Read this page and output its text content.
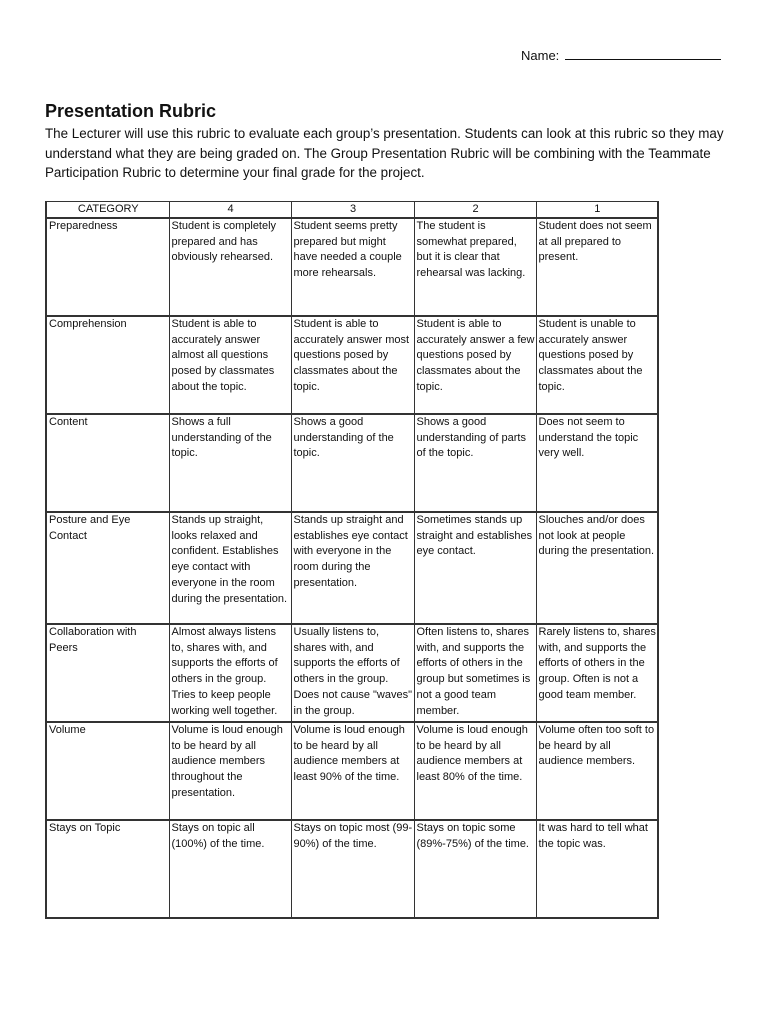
Name:
Presentation Rubric

The Lecturer will use this rubric to evaluate each group’s presentation. Students can look at this rubric so they may understand what they are being graded on. The Group Presentation Rubric will be combining with the Teammate Participation Rubric to determine your final grade for the project.

CATEGORY	4	3	2	1
Preparedness	Student is completely prepared and has obviously rehearsed.	Student seems pretty prepared but might have needed a couple more rehearsals.	The student is somewhat prepared, but it is clear that rehearsal was lacking.	Student does not seem at all prepared to present.
Comprehension	Student is able to accurately answer almost all questions posed by classmates about the topic.	Student is able to accurately answer most questions posed by classmates about the topic.	Student is able to accurately answer a few questions posed by classmates about the topic.	Student is unable to accurately answer questions posed by classmates about the topic.
Content	Shows a full understanding of the topic.	Shows a good understanding of the topic.	Shows a good understanding of parts of the topic.	Does not seem to understand the topic very well.
Posture and Eye Contact	Stands up straight, looks relaxed and confident. Establishes eye contact with everyone in the room during the presentation.	Stands up straight and establishes eye contact with everyone in the room during the presentation.	Sometimes stands up straight and establishes eye contact.	Slouches and/or does not look at people during the presentation.
Collaboration with Peers	Almost always listens to, shares with, and supports the efforts of others in the group. Tries to keep people working well together.	Usually listens to, shares with, and supports the efforts of others in the group. Does not cause "waves" in the group.	Often listens to, shares with, and supports the efforts of others in the group but sometimes is not a good team member.	Rarely listens to, shares with, and supports the efforts of others in the group. Often is not a good team member.
Volume	Volume is loud enough to be heard by all audience members throughout the presentation.	Volume is loud enough to be heard by all audience members at least 90% of the time.	Volume is loud enough to be heard by all audience members at least 80% of the time.	Volume often too soft to be heard by all audience members.
Stays on Topic	Stays on topic all (100%) of the time.	Stays on topic most (99-90%) of the time.	Stays on topic some (89%-75%) of the time.	It was hard to tell what the topic was.
